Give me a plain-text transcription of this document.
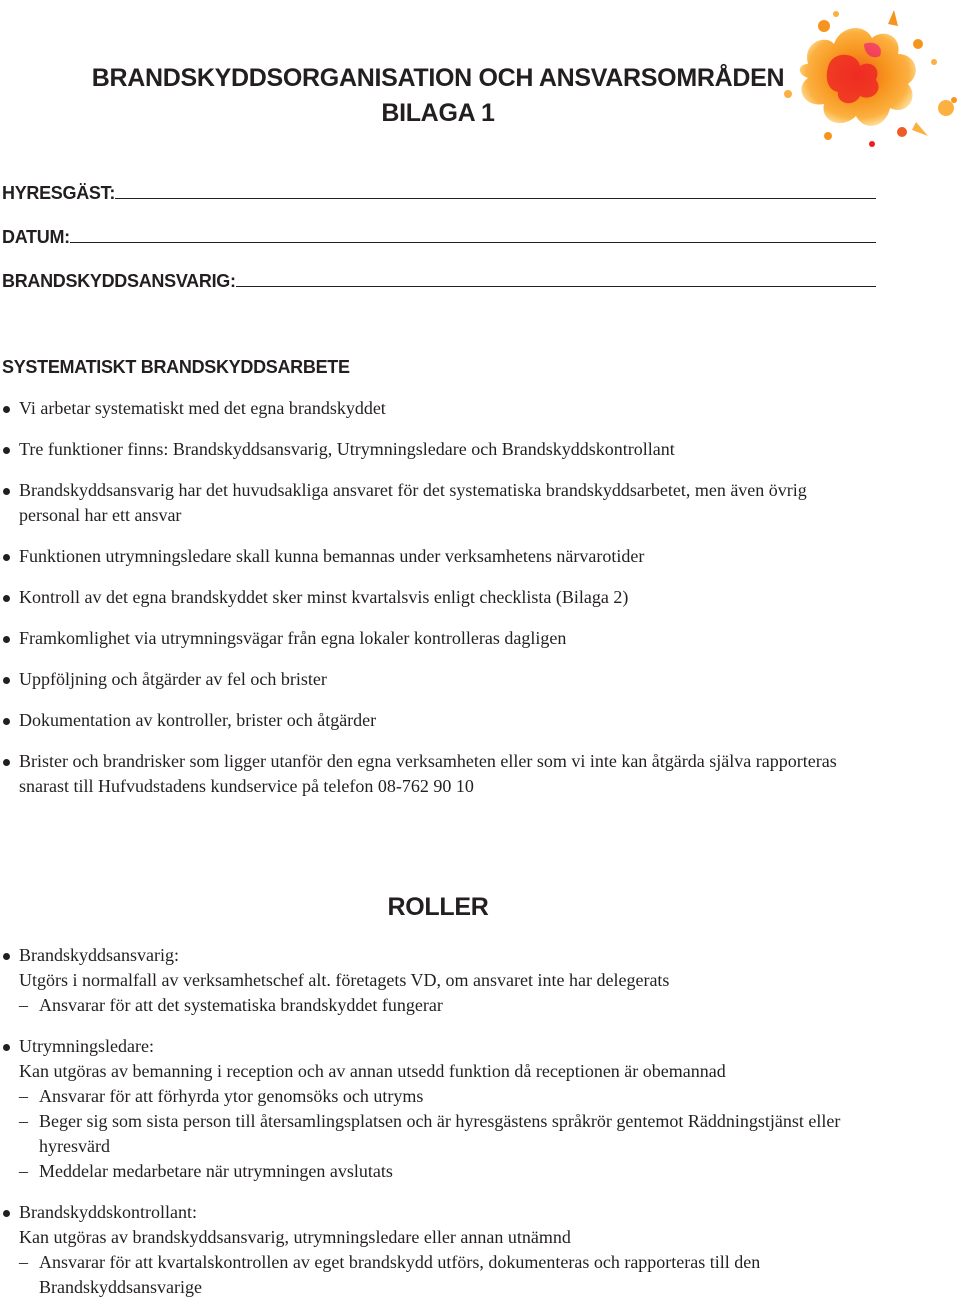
BRANDSKYDDSORGANISATION OCH ANSVARSOMRÅDEN
BILAGA 1
HYRESGÄST:
DATUM:
BRANDSKYDDSANSVARIG:
SYSTEMATISKT BRANDSKYDDSARBETE
Vi arbetar systematiskt med det egna brandskyddet
Tre funktioner finns: Brandskyddsansvarig, Utrymningsledare och Brandskyddskontrollant
Brandskyddsansvarig har det huvudsakliga ansvaret för det systematiska brandskyddsarbetet, men även övrig personal har ett ansvar
Funktionen utrymningsledare skall kunna bemannas under verksamhetens närvarotider
Kontroll av det egna brandskyddet sker minst kvartalsvis enligt checklista (Bilaga 2)
Framkomlighet via utrymningsvägar från egna lokaler kontrolleras dagligen
Uppföljning och åtgärder av fel och brister
Dokumentation av kontroller, brister och åtgärder
Brister och brandrisker som ligger utanför den egna verksamheten eller som vi inte kan åtgärda själva rapporteras snarast till Hufvudstadens kundservice på telefon 08-762 90 10
ROLLER
Brandskyddsansvarig:
Utgörs i normalfall av verksamhetschef alt. företagets VD, om ansvaret inte har delegerats
– Ansvarar för att det systematiska brandskyddet fungerar
Utrymningsledare:
Kan utgöras av bemanning i reception och av annan utsedd funktion då receptionen är obemannad
– Ansvarar för att förhyrda ytor genomsöks och utryms
– Beger sig som sista person till återsamlingsplatsen och är hyresgästens språkrör gentemot Räddningstjänst eller hyresvärd
– Meddelar medarbetare när utrymningen avslutats
Brandskyddskontrollant:
Kan utgöras av brandskyddsansvarig, utrymningsledare eller annan utnämnd
– Ansvarar för att kvartalskontrollen av eget brandskydd utförs, dokumenteras och rapporteras till den Brandskyddsansvarige
